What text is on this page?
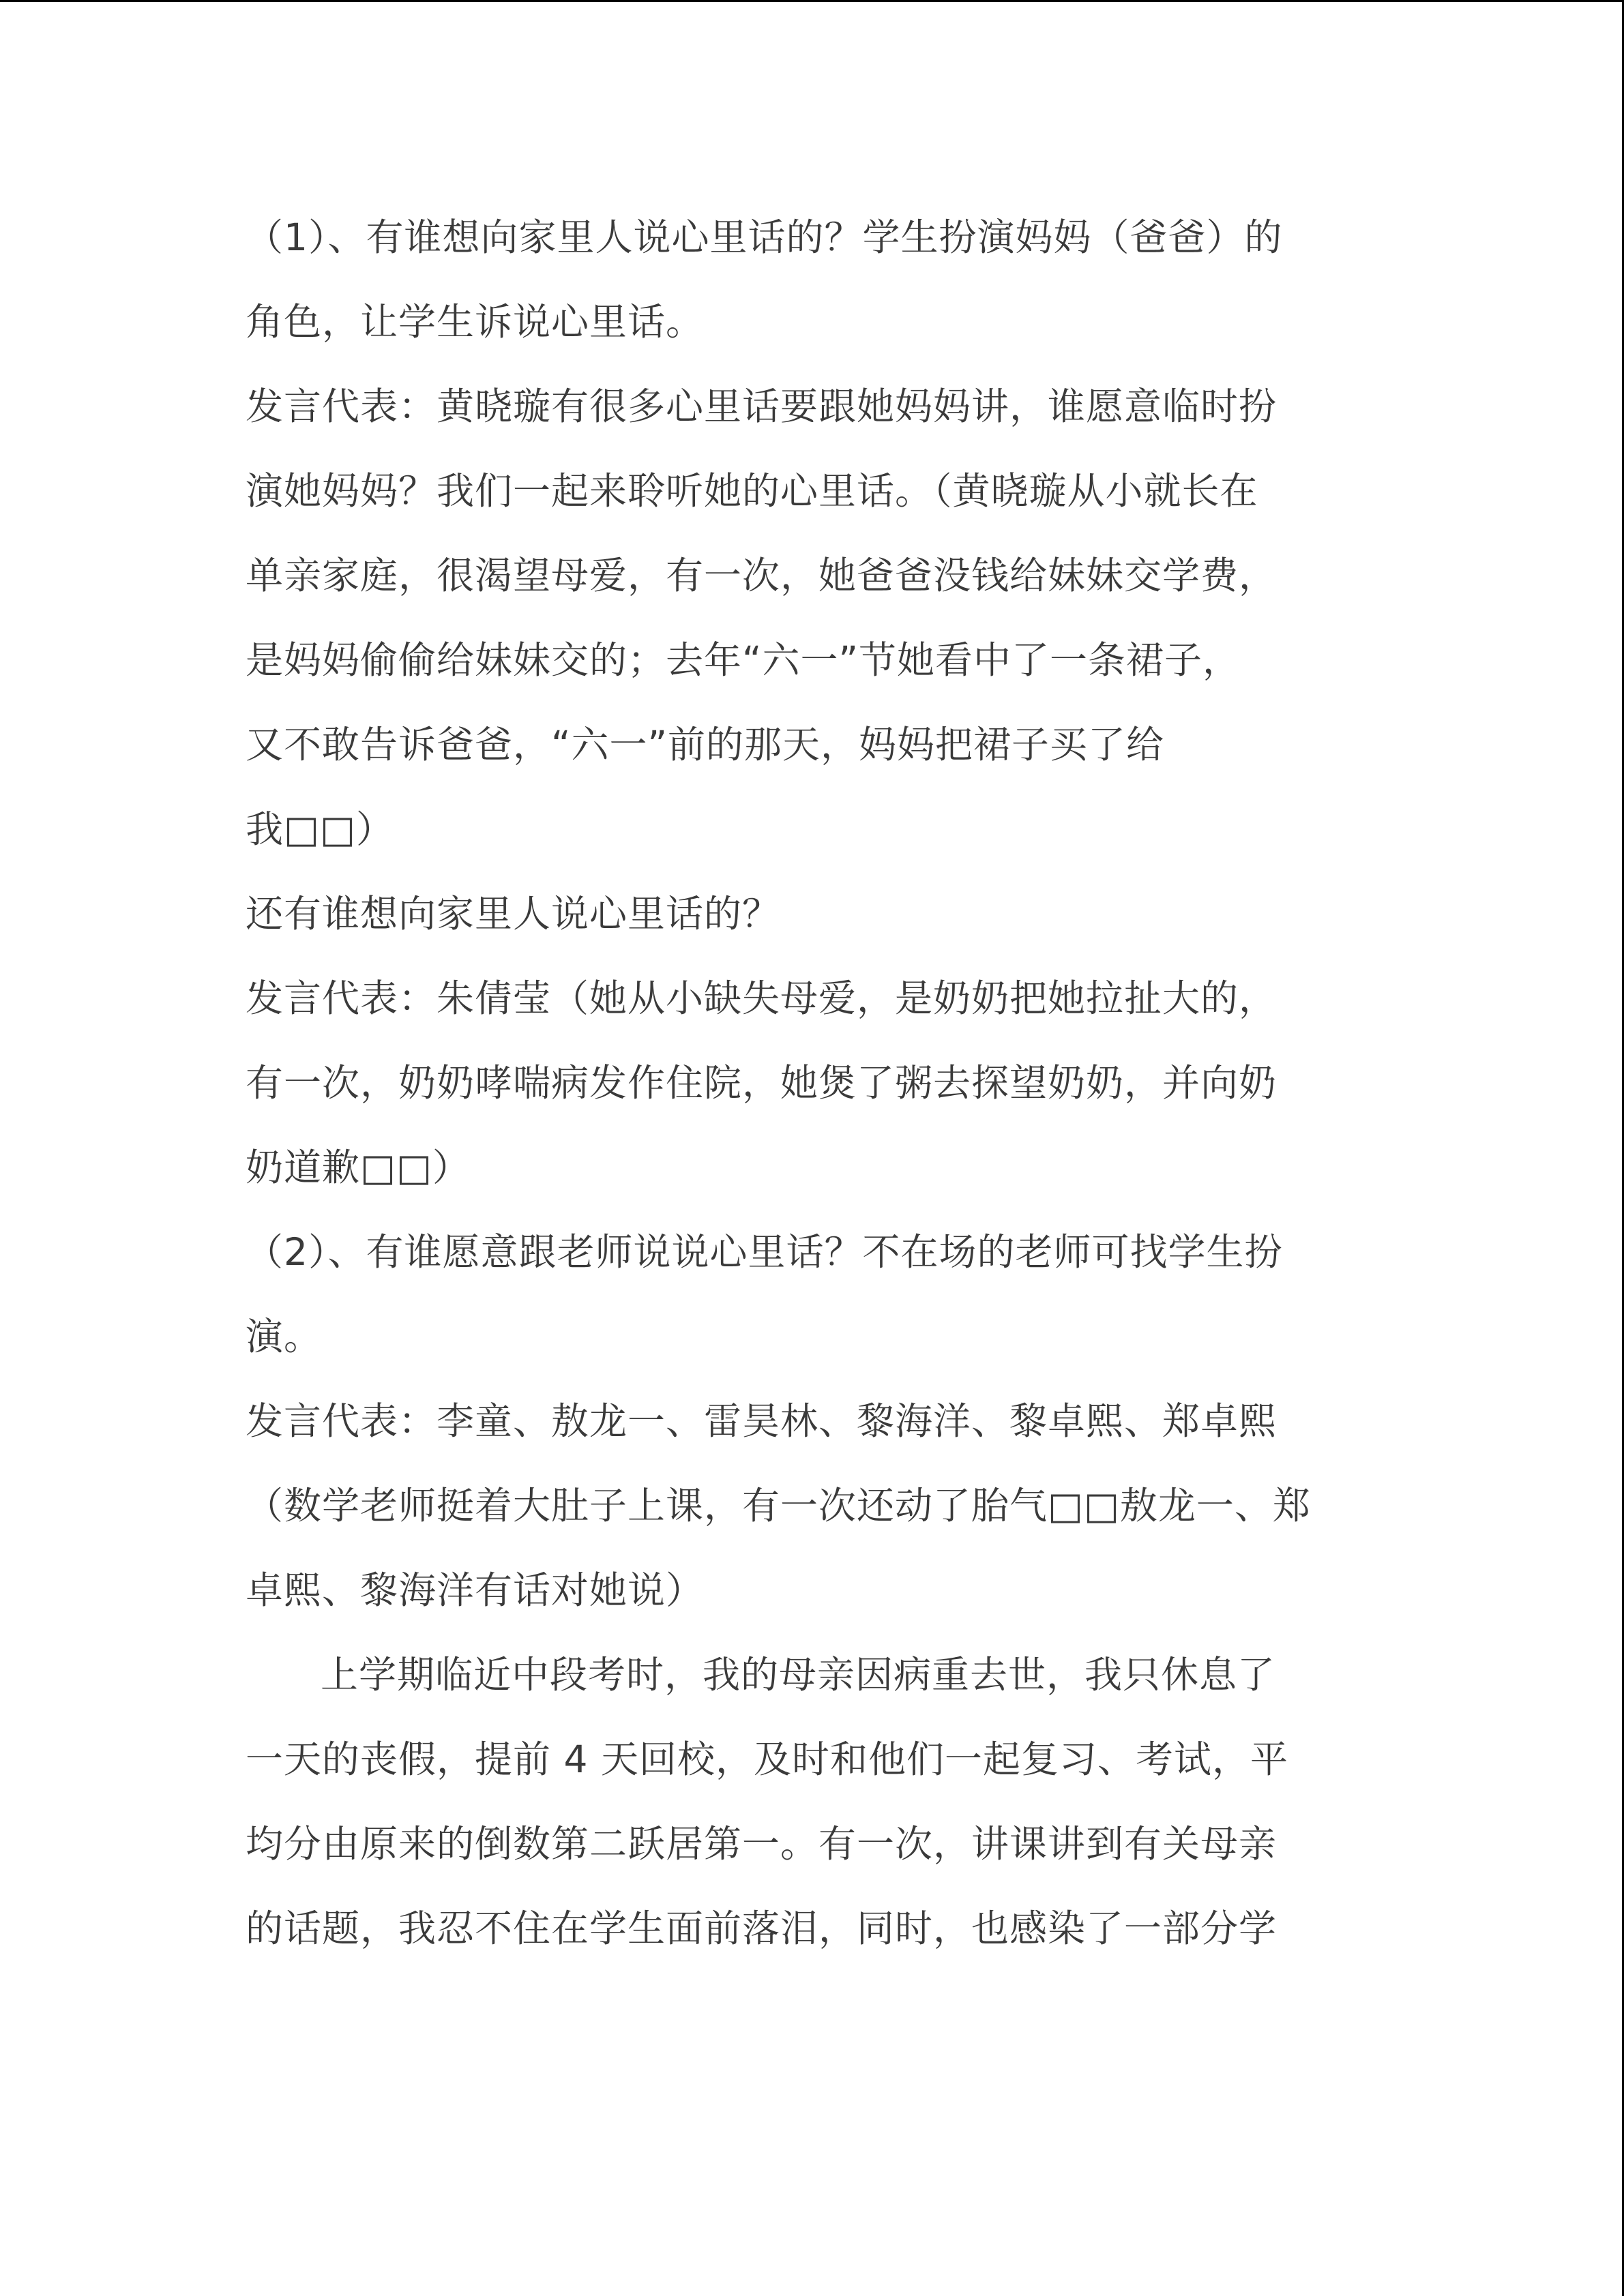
（1）、有谁想向家里人说心里话的？学生扮演妈妈（爸爸）的
角色，让学生诉说心里话。
发言代表：黄晓璇有很多心里话要跟她妈妈讲，谁愿意临时扮
演她妈妈？我们一起来聆听她的心里话。（黄晓璇从小就长在
单亲家庭，很渴望母爱，有一次，她爸爸没钱给妹妹交学费，
是妈妈偷偷给妹妹交的；去年“六一”节她看中了一条裙子，
又不敢告诉爸爸，“六一”前的那天，妈妈把裙子买了给
我□□）
还有谁想向家里人说心里话的？
发言代表：朱倩莹（她从小缺失母爱，是奶奶把她拉扯大的，
有一次，奶奶哮喘病发作住院，她煲了粥去探望奶奶，并向奶
奶道歉□□）
（2）、有谁愿意跟老师说说心里话？不在场的老师可找学生扮
演。
发言代表：李童、敖龙一、雷昊林、黎海洋、黎卓熙、郑卓熙
（数学老师挺着大肚子上课，有一次还动了胎气□□敖龙一、郑
卓熙、黎海洋有话对她说）
上学期临近中段考时，我的母亲因病重去世，我只休息了
一天的丧假，提前 4 天回校，及时和他们一起复习、考试，平
均分由原来的倒数第二跃居第一。有一次，讲课讲到有关母亲
的话题，我忍不住在学生面前落泪，同时，也感染了一部分学
